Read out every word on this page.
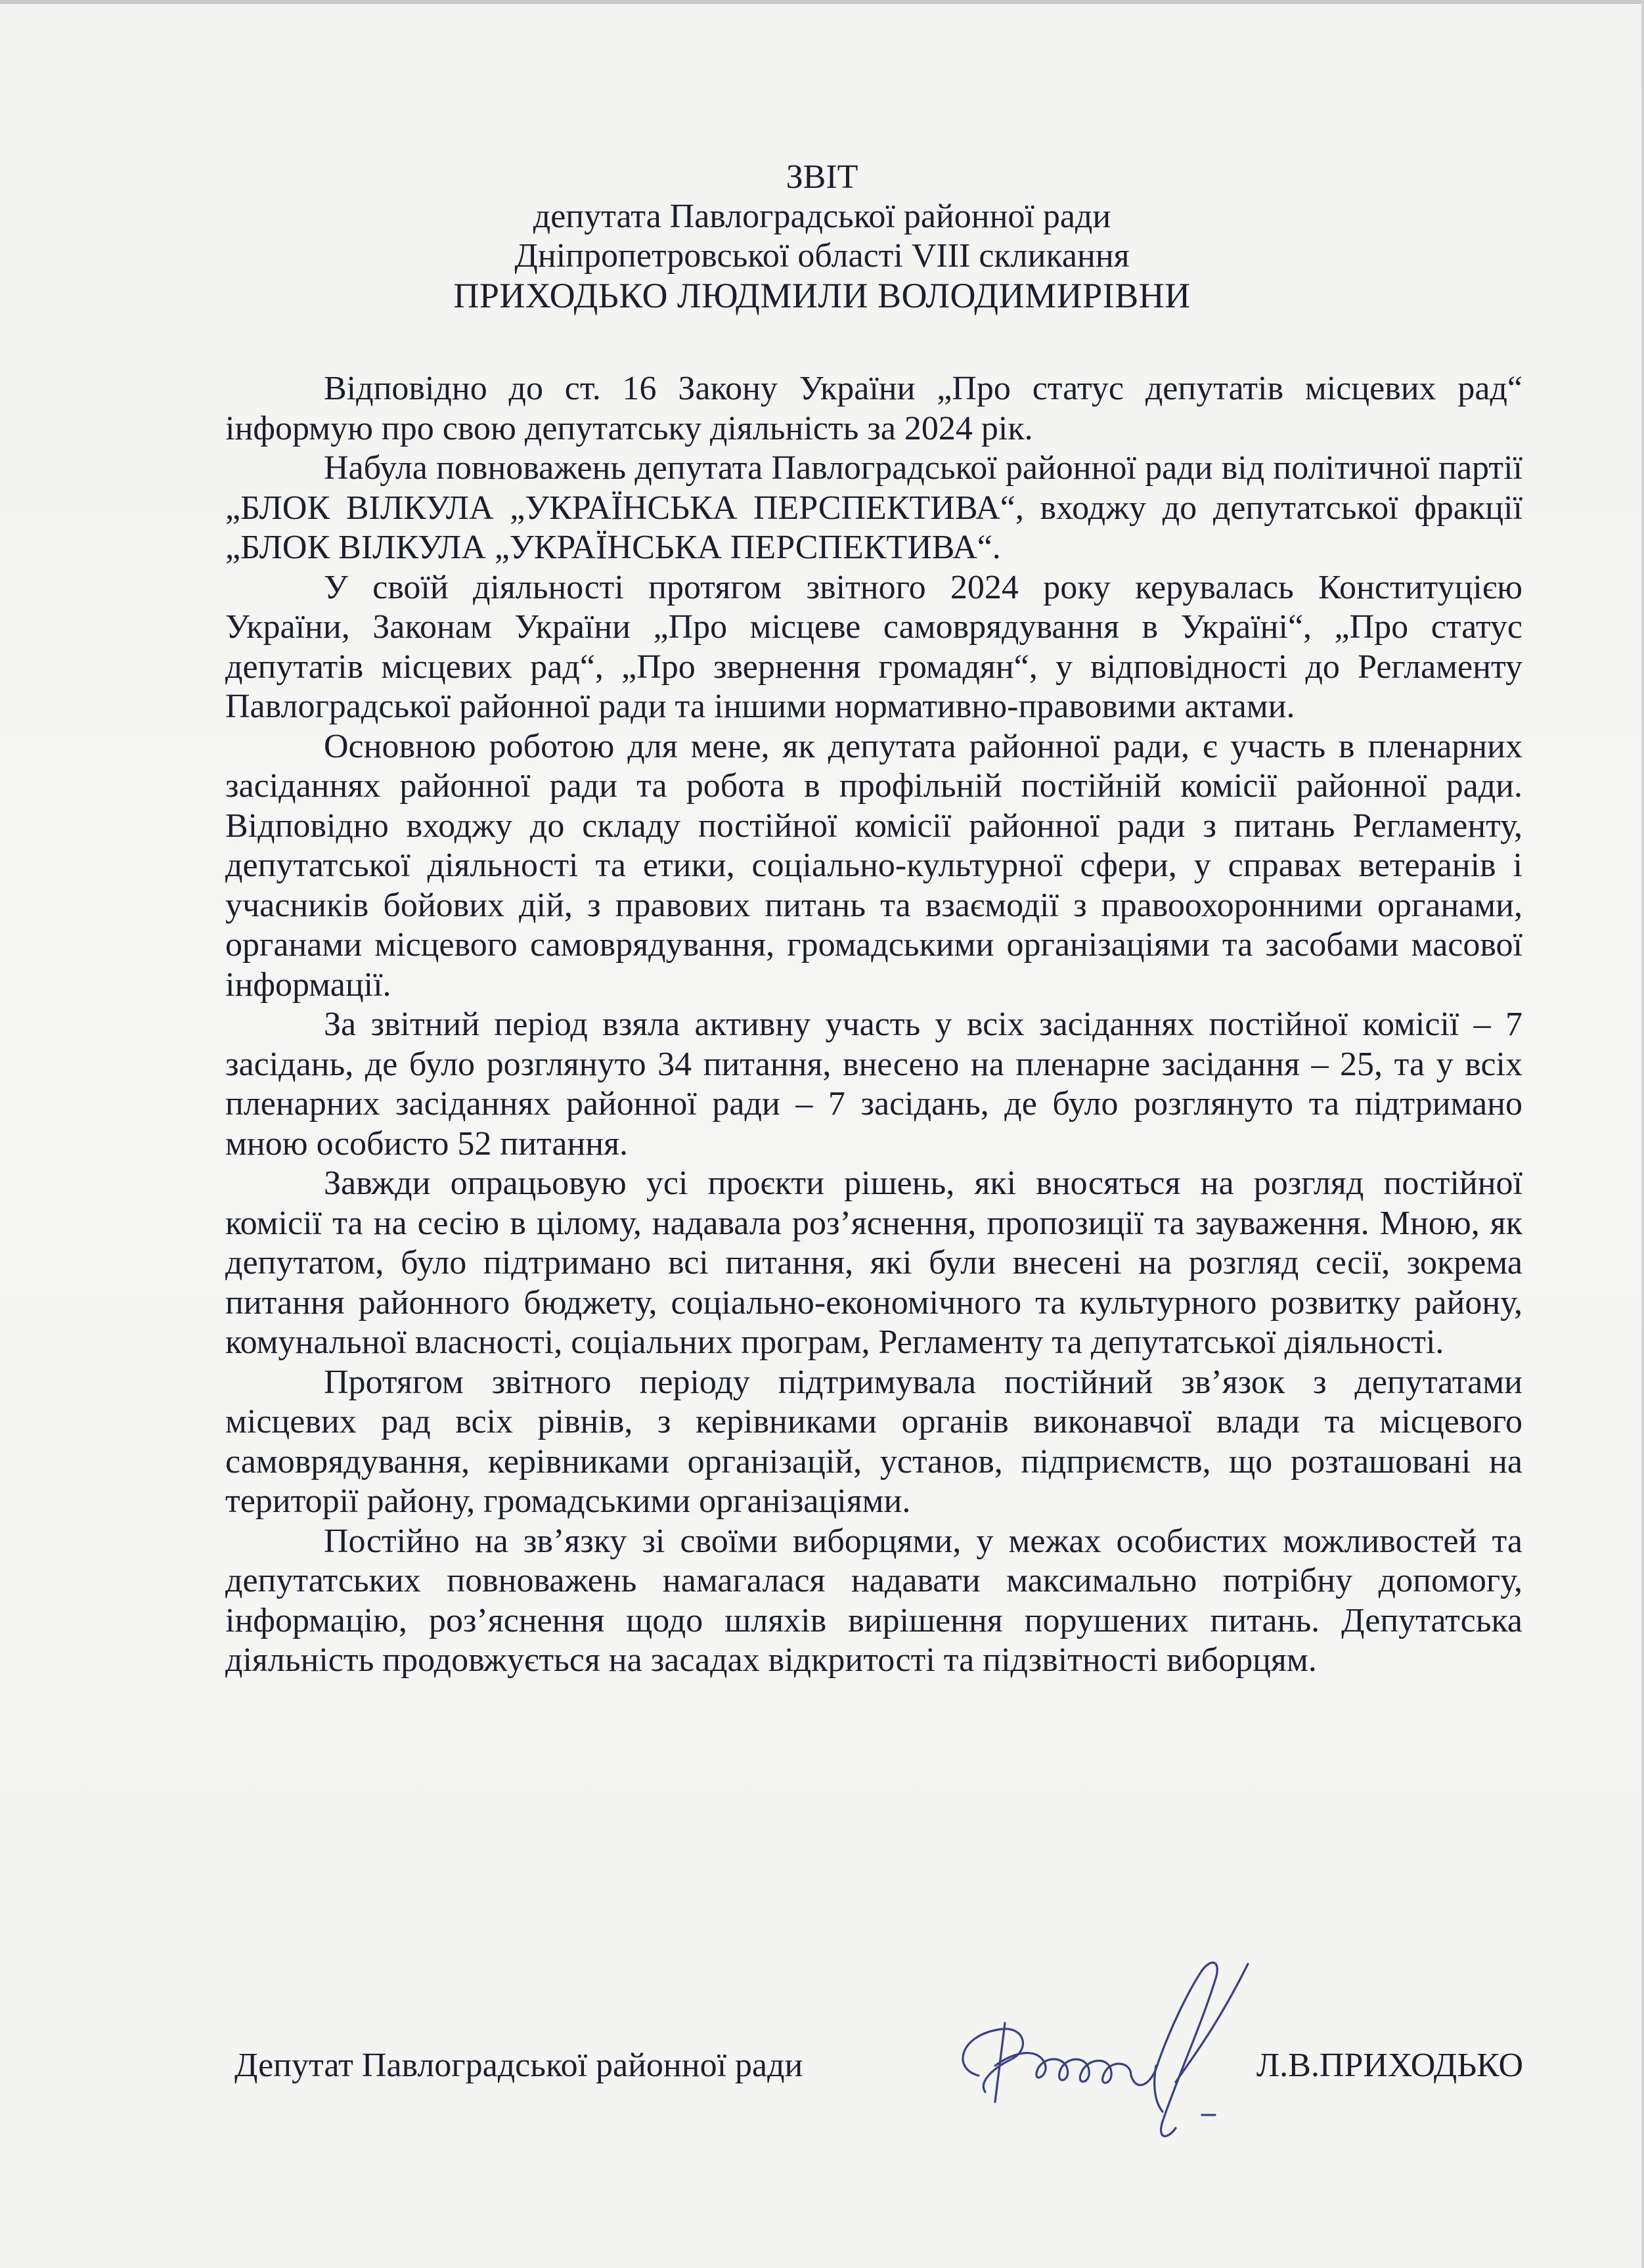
ЗВІТ
депутата Павлоградської районної ради
Дніпропетровської області VIII скликання
ПРИХОДЬКО ЛЮДМИЛИ ВОЛОДИМИРІВНИ

Відповідно до ст. 16 Закону України „Про статус депутатів місцевих рад“ інформую про свою депутатську діяльність за 2024 рік.

Набула повноважень депутата Павлоградської районної ради від політичної партії „БЛОК ВІЛКУЛА „УКРАЇНСЬКА ПЕРСПЕКТИВА“, входжу до депутатської фракції „БЛОК ВІЛКУЛА „УКРАЇНСЬКА ПЕРСПЕКТИВА“.

У своїй діяльності протягом звітного 2024 року керувалась Конституцією України, Законам України „Про місцеве самоврядування в Україні“, „Про статус депутатів місцевих рад“, „Про звернення громадян“, у відповідності до Регламенту Павлоградської районної ради та іншими нормативно-правовими актами.

Основною роботою для мене, як депутата районної ради, є участь в пленарних засіданнях районної ради та робота в профільній постійній комісії районної ради. Відповідно входжу до складу постійної комісії районної ради з питань Регламенту, депутатської діяльності та етики, соціально-культурної сфери, у справах ветеранів і учасників бойових дій, з правових питань та взаємодії з правоохоронними органами, органами місцевого самоврядування, громадськими організаціями та засобами масової інформації.

За звітний період взяла активну участь у всіх засіданнях постійної комісії – 7 засідань, де було розглянуто 34 питання, внесено на пленарне засідання – 25, та у всіх пленарних засіданнях районної ради – 7 засідань, де було розглянуто та підтримано мною особисто 52 питання.

Завжди опрацьовую усі проєкти рішень, які вносяться на розгляд постійної комісії та на сесію в цілому, надавала роз’яснення, пропозиції та зауваження. Мною, як депутатом, було підтримано всі питання, які були внесені на розгляд сесії, зокрема питання районного бюджету, соціально-економічного та культурного розвитку району, комунальної власності, соціальних програм, Регламенту та депутатської діяльності.

Протягом звітного періоду підтримувала постійний зв’язок з депутатами місцевих рад всіх рівнів, з керівниками органів виконавчої влади та місцевого самоврядування, керівниками організацій, установ, підприємств, що розташовані на території району, громадськими організаціями.

Постійно на зв’язку зі своїми виборцями, у межах особистих можливостей та депутатських повноважень намагалася надавати максимально потрібну допомогу, інформацію, роз’яснення щодо шляхів вирішення порушених питань. Депутатська діяльність продовжується на засадах відкритості та підзвітності виборцям.

Депутат Павлоградської районної ради	Л.В.ПРИХОДЬКО
